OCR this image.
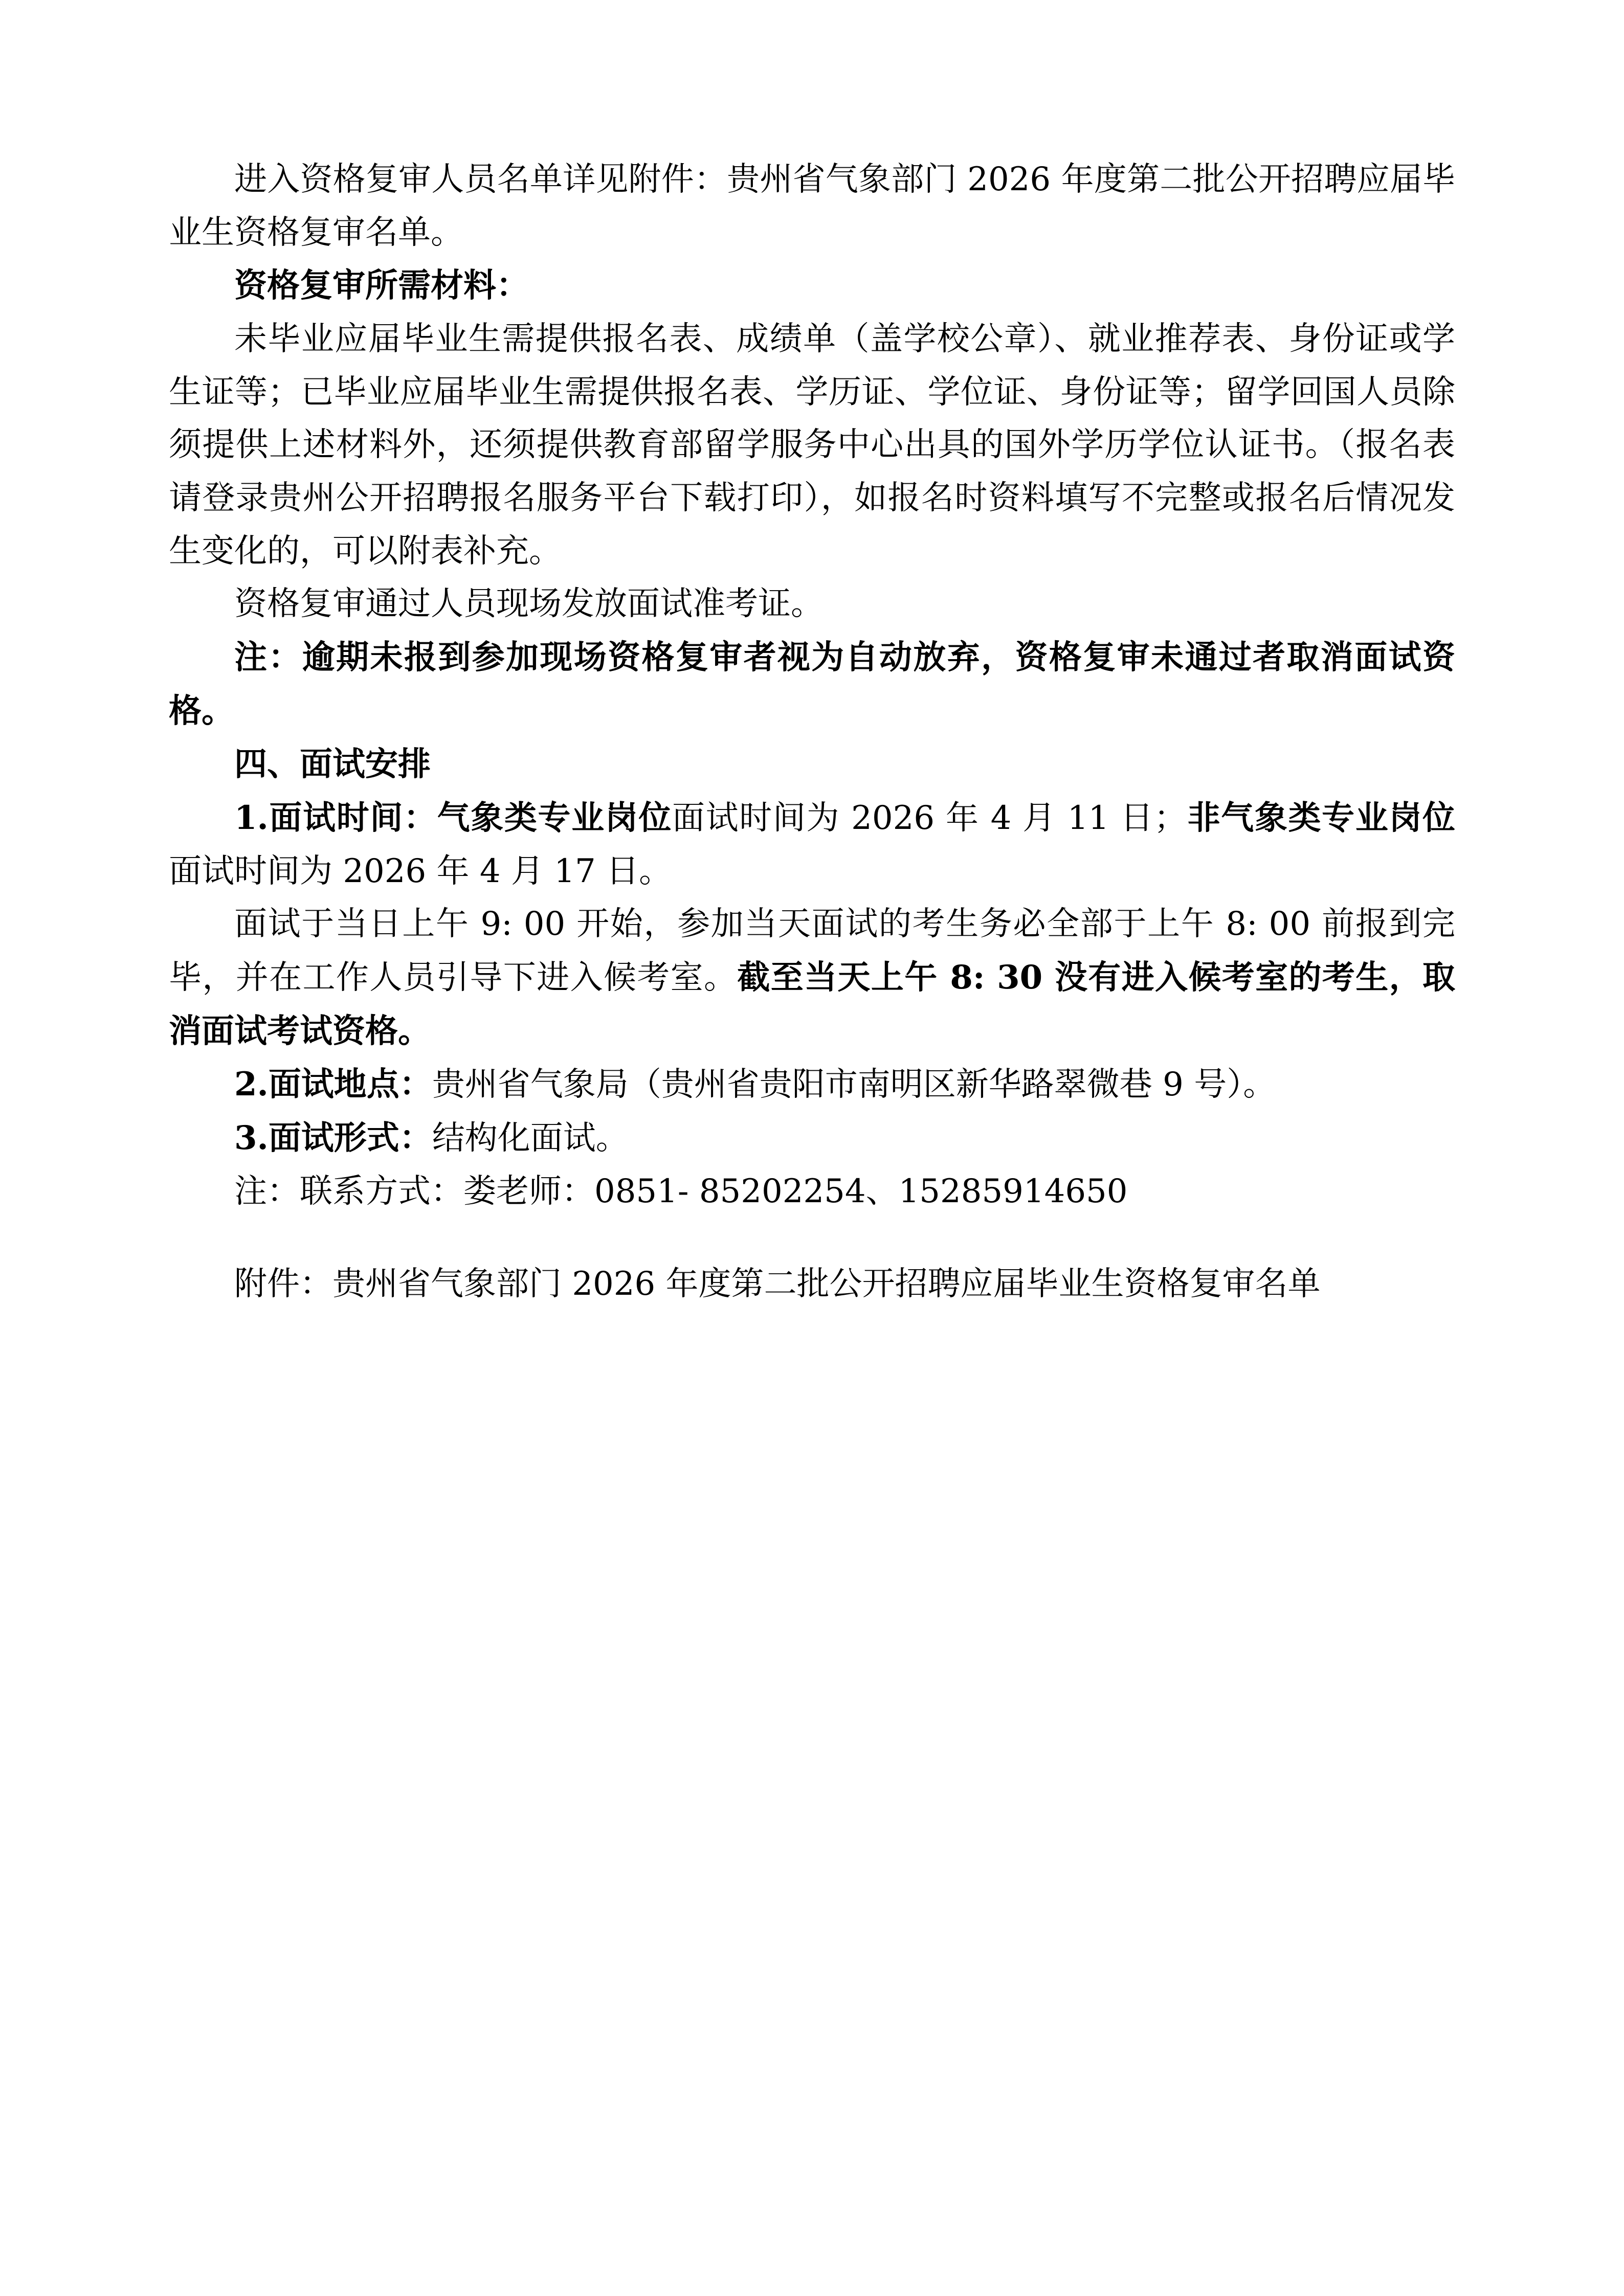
进入资格复审人员名单详见附件：贵州省气象部门 2026 年度第二批公开招聘应届毕业生资格复审名单。

资格复审所需材料：

未毕业应届毕业生需提供报名表、成绩单（盖学校公章）、就业推荐表、身份证或学生证等；已毕业应届毕业生需提供报名表、学历证、学位证、身份证等；留学回国人员除须提供上述材料外，还须提供教育部留学服务中心出具的国外学历学位认证书。（报名表请登录贵州公开招聘报名服务平台下载打印），如报名时资料填写不完整或报名后情况发生变化的，可以附表补充。

资格复审通过人员现场发放面试准考证。

注：逾期未报到参加现场资格复审者视为自动放弃，资格复审未通过者取消面试资格。

四、面试安排

1.面试时间：气象类专业岗位面试时间为 2026 年 4 月 11 日；非气象类专业岗位面试时间为 2026 年 4 月 17 日。

面试于当日上午 9: 00 开始，参加当天面试的考生务必全部于上午 8: 00 前报到完毕，并在工作人员引导下进入候考室。截至当天上午 8: 30 没有进入候考室的考生，取消面试考试资格。

2.面试地点：贵州省气象局（贵州省贵阳市南明区新华路翠微巷 9 号）。

3.面试形式：结构化面试。

注：联系方式：娄老师：0851- 85202254、15285914650

附件：贵州省气象部门 2026 年度第二批公开招聘应届毕业生资格复审名单
